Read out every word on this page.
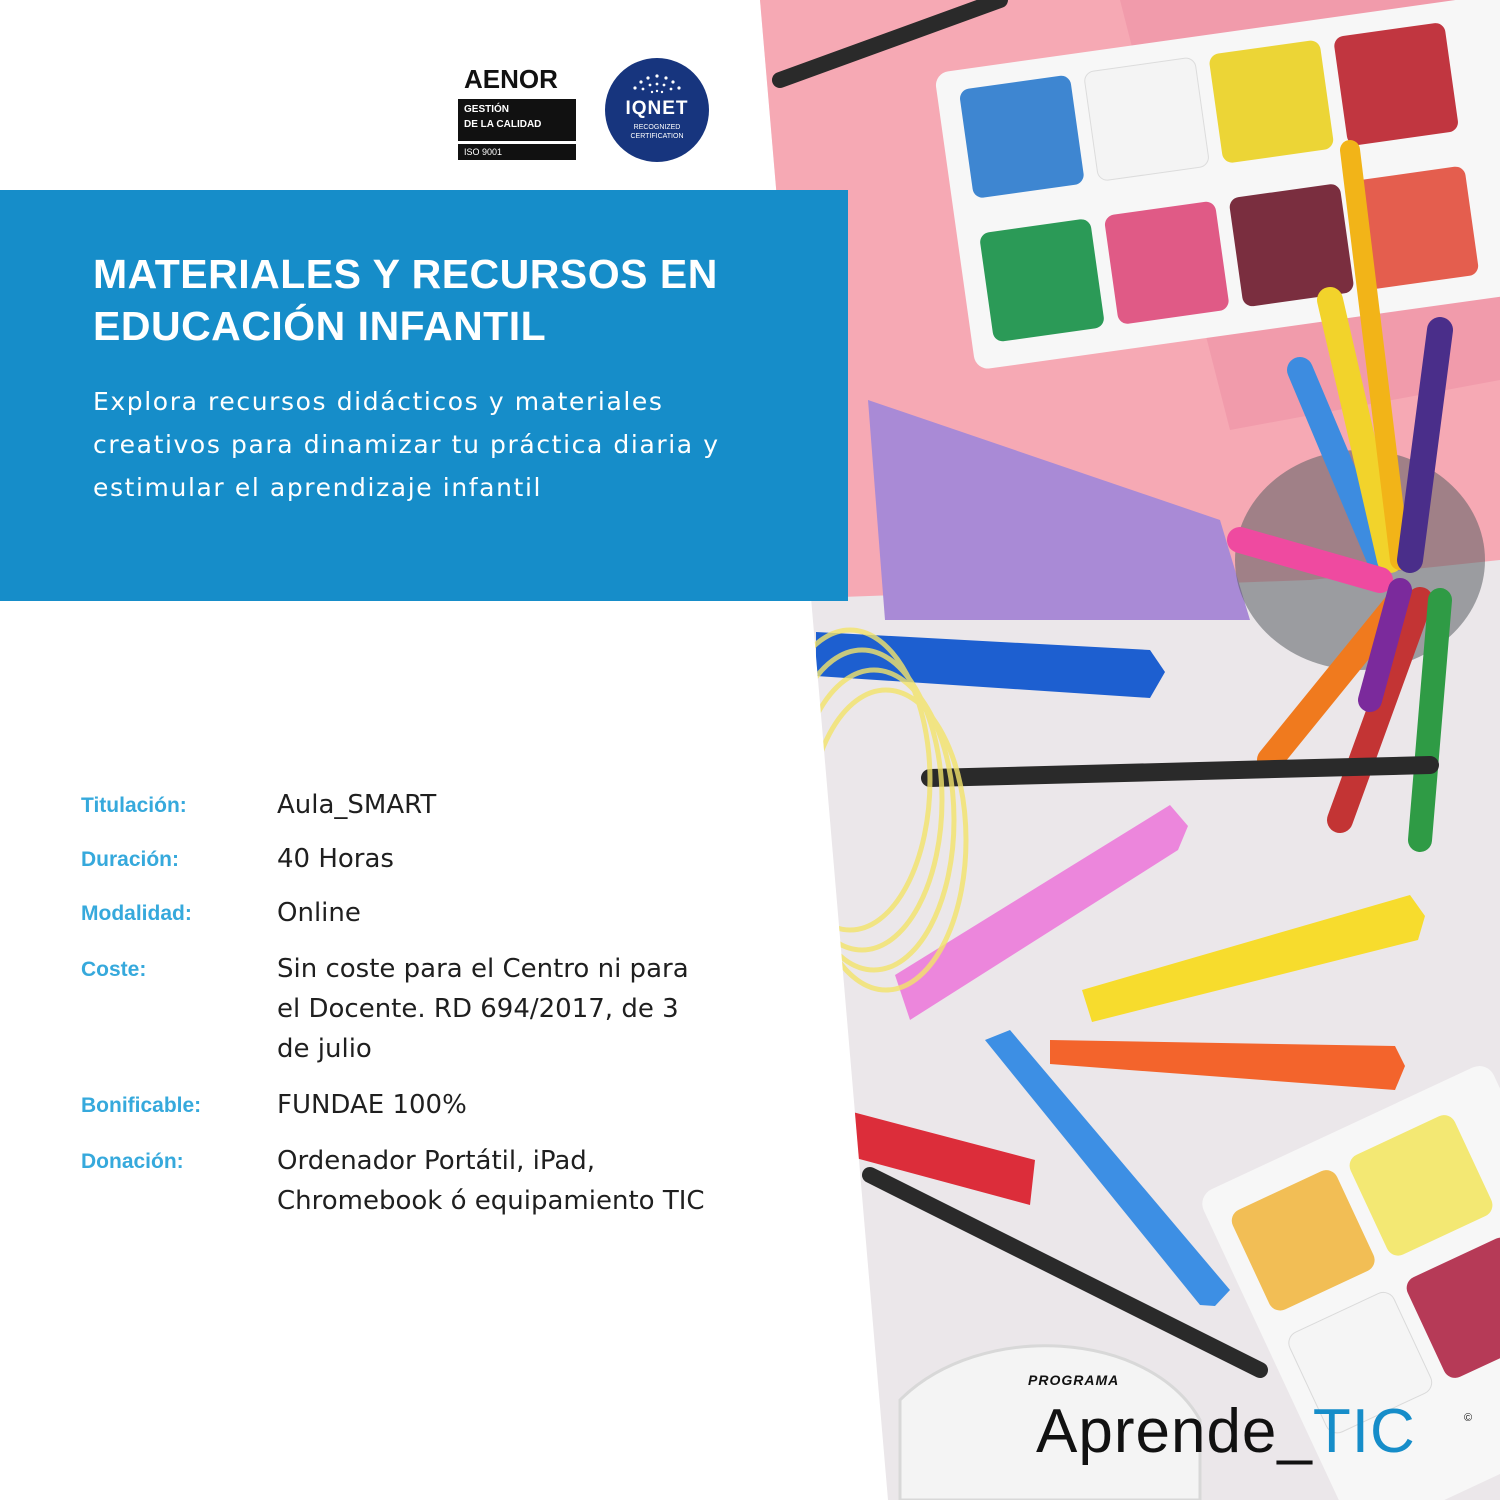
AENOR
GESTIÓN
DE LA CALIDAD
ISO 9001
IQNET
RECOGNIZED
CERTIFICATION
MATERIALES Y RECURSOS EN EDUCACIÓN INFANTIL

Explora recursos didácticos y materiales creativos para dinamizar tu práctica diaria y estimular el aprendizaje infantil

Titulación:	Aula_SMART
Duración:	40 Horas
Modalidad:	Online
Coste:	Sin coste para el Centro ni para el Docente. RD 694/2017, de 3 de julio
Bonificable:	FUNDAE 100%
Donación:	Ordenador Portátil, iPad, Chromebook ó equipamiento TIC
PROGRAMA
Aprende_TIC	©
